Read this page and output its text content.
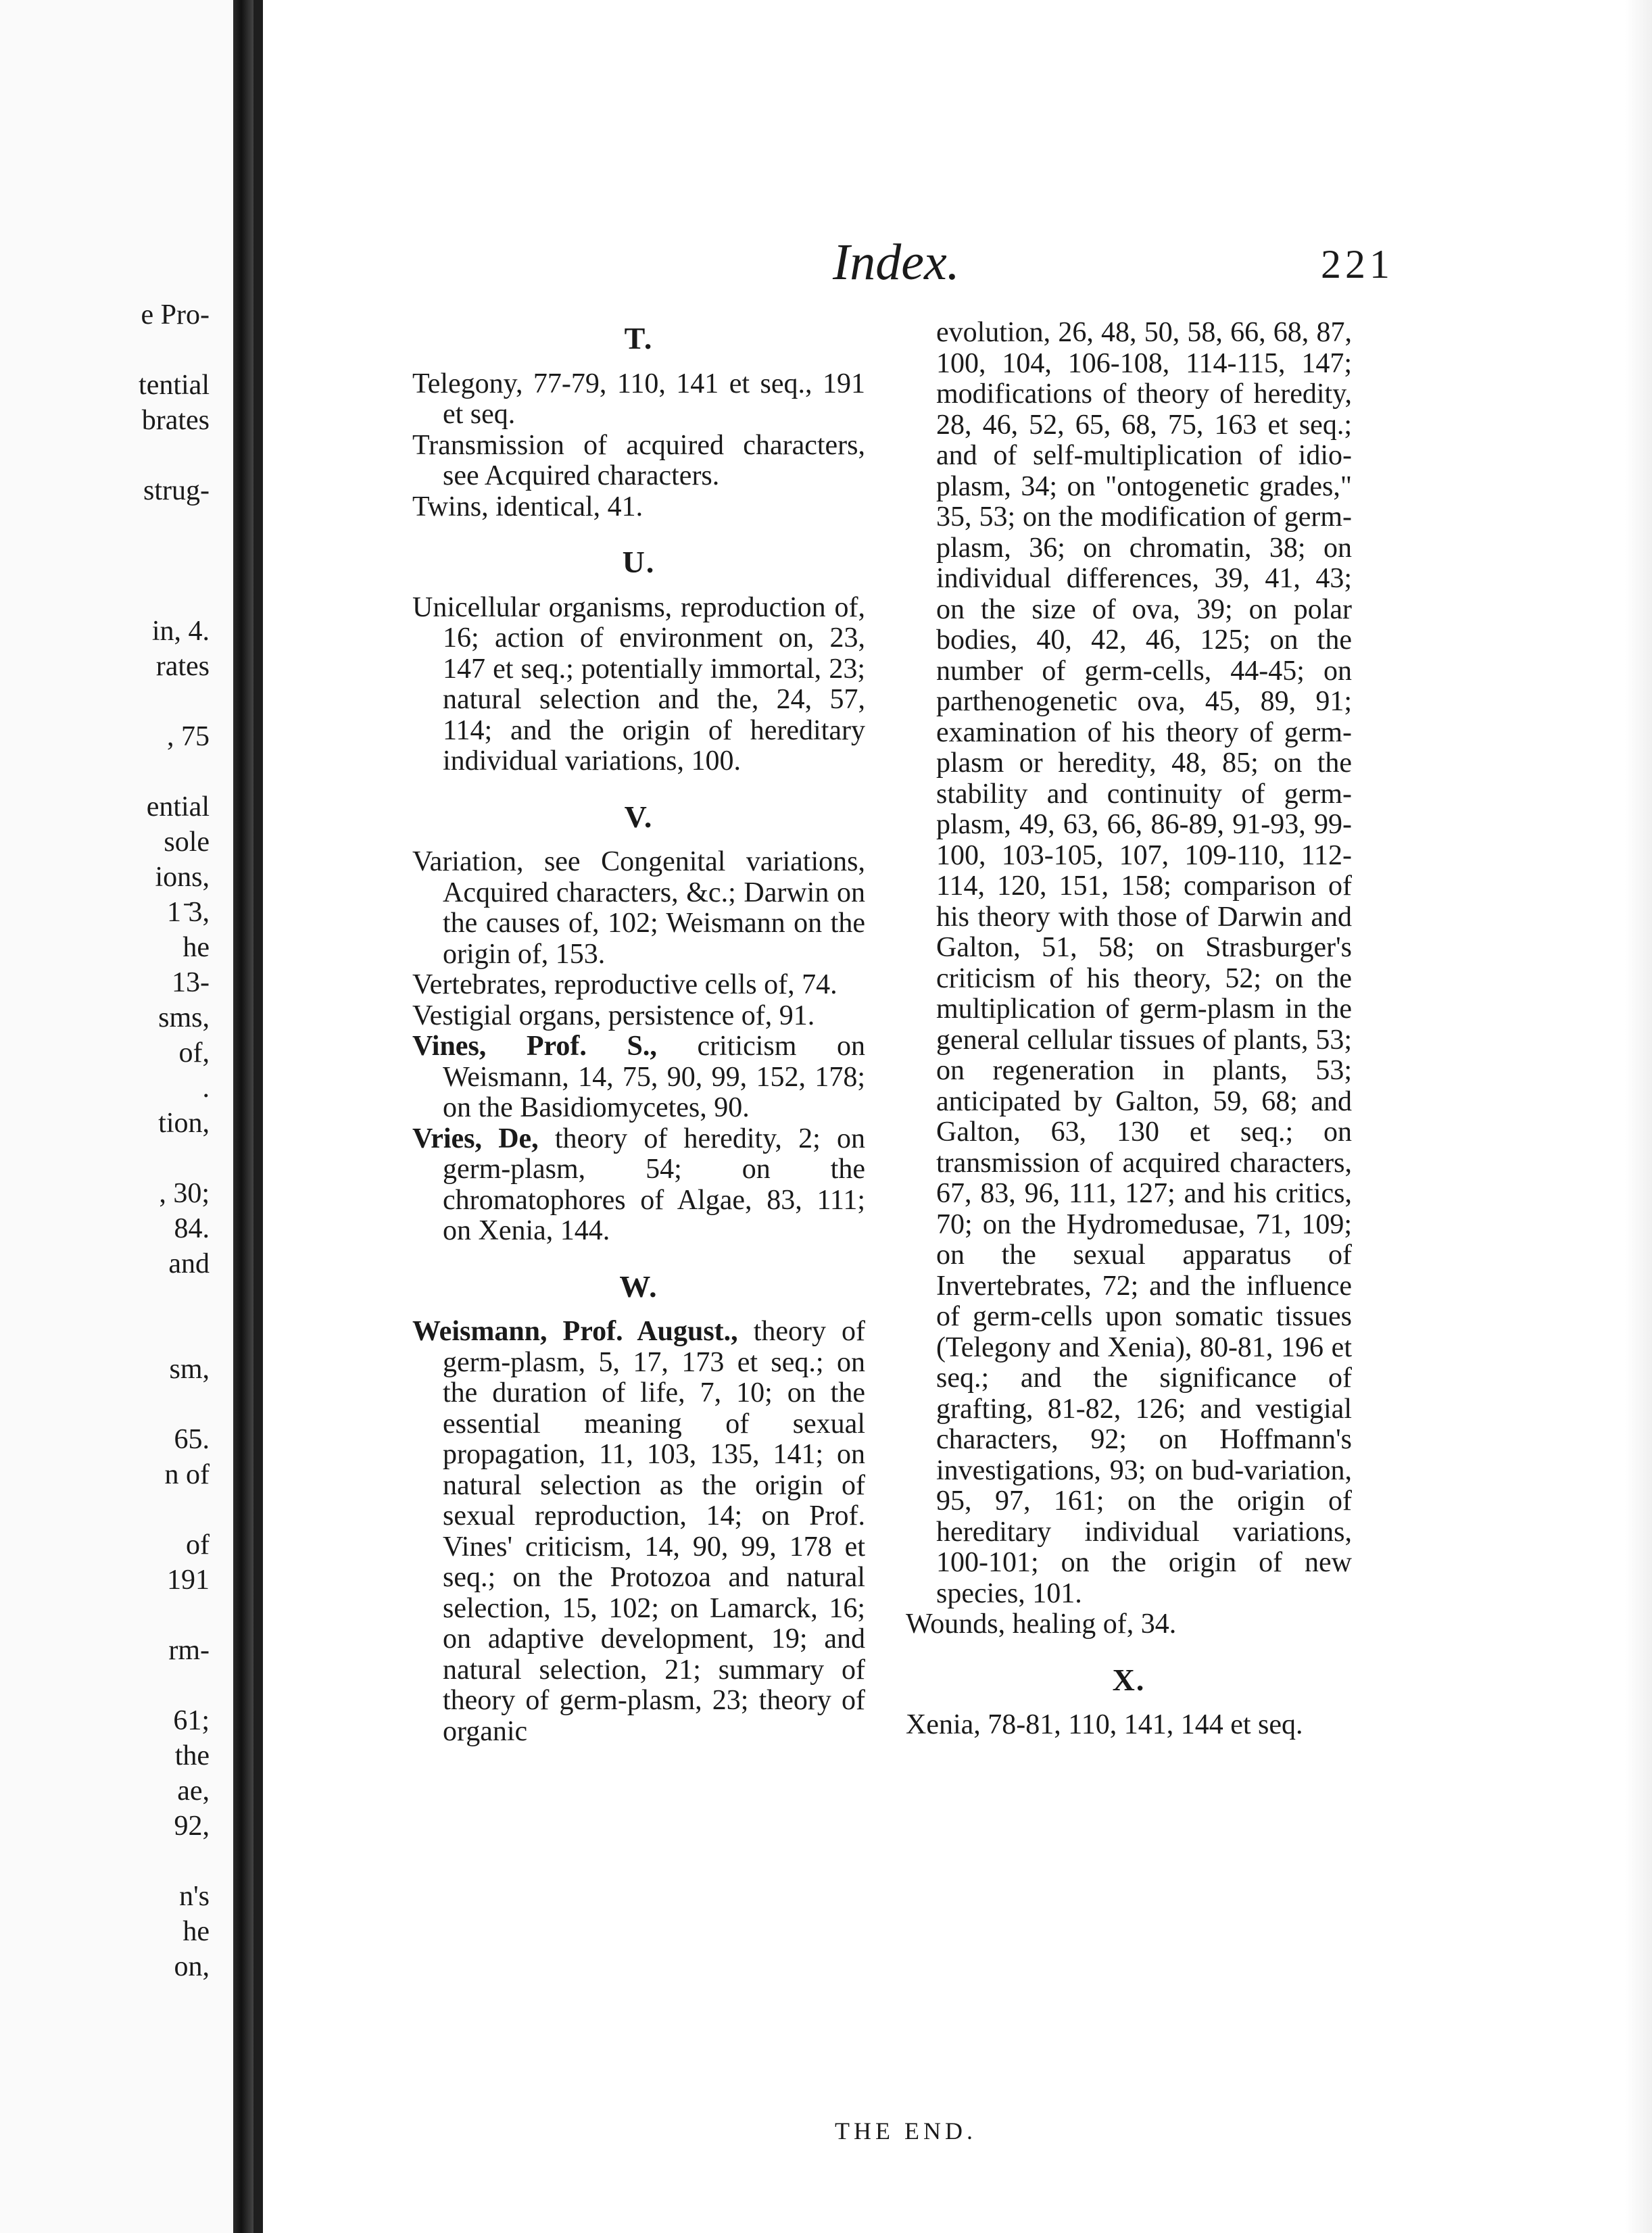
e Pro-
tential
brates
strug-
in, 4.
rates
, 75
ential
sole
ions,
1 ̄3,
he
13-
sms,
of,
.
tion,
, 30;
84.
and
sm,
65.
n of
of
191
rm-
61;
the
ae,
92,
n's
he
on,
Index.	221
T.

Telegony, 77-79, 110, 141 et seq., 191 et seq.

Transmission of acquired characters, see Acquired characters.

Twins, identical, 41.

U.

Unicellular organisms, reproduction of, 16; action of environment on, 23, 147 et seq.; potentially immortal, 23; natural selection and the, 24, 57, 114; and the origin of hereditary individual variations, 100.

V.

Variation, see Congenital variations, Acquired characters, &c.; Darwin on the causes of, 102; Weismann on the origin of, 153.

Vertebrates, reproductive cells of, 74.

Vestigial organs, persistence of, 91.

Vines, Prof. S., criticism on Weismann, 14, 75, 90, 99, 152, 178; on the Basidiomycetes, 90.

Vries, De, theory of heredity, 2; on germ-plasm, 54; on the chromatophores of Algae, 83, 111; on Xenia, 144.

W.

Weismann, Prof. August., theory of germ-plasm, 5, 17, 173 et seq.; on the duration of life, 7, 10; on the essential meaning of sexual propagation, 11, 103, 135, 141; on natural selection as the origin of sexual reproduction, 14; on Prof. Vines' criticism, 14, 90, 99, 178 et seq.; on the Protozoa and natural selection, 15, 102; on Lamarck, 16; on adaptive development, 19; and natural selection, 21; summary of theory of germ-plasm, 23; theory of organic

evolution, 26, 48, 50, 58, 66, 68, 87, 100, 104, 106-108, 114-115, 147; modifications of theory of heredity, 28, 46, 52, 65, 68, 75, 163 et seq.; and of self-multiplication of idio-plasm, 34; on "ontogenetic grades," 35, 53; on the modification of germ-plasm, 36; on chromatin, 38; on individual differences, 39, 41, 43; on the size of ova, 39; on polar bodies, 40, 42, 46, 125; on the number of germ-cells, 44-45; on parthenogenetic ova, 45, 89, 91; examination of his theory of germ-plasm or heredity, 48, 85; on the stability and continuity of germ-plasm, 49, 63, 66, 86-89, 91-93, 99-100, 103-105, 107, 109-110, 112-114, 120, 151, 158; comparison of his theory with those of Darwin and Galton, 51, 58; on Strasburger's criticism of his theory, 52; on the multiplication of germ-plasm in the general cellular tissues of plants, 53; on regeneration in plants, 53; anticipated by Galton, 59, 68; and Galton, 63, 130 et seq.; on transmission of acquired characters, 67, 83, 96, 111, 127; and his critics, 70; on the Hydromedusae, 71, 109; on the sexual apparatus of Invertebrates, 72; and the influence of germ-cells upon somatic tissues (Telegony and Xenia), 80-81, 196 et seq.; and the significance of grafting, 81-82, 126; and vestigial characters, 92; on Hoffmann's investigations, 93; on bud-variation, 95, 97, 161; on the origin of hereditary individual variations, 100-101; on the origin of new species, 101.

Wounds, healing of, 34.

X.

Xenia, 78-81, 110, 141, 144 et seq.

THE END.
